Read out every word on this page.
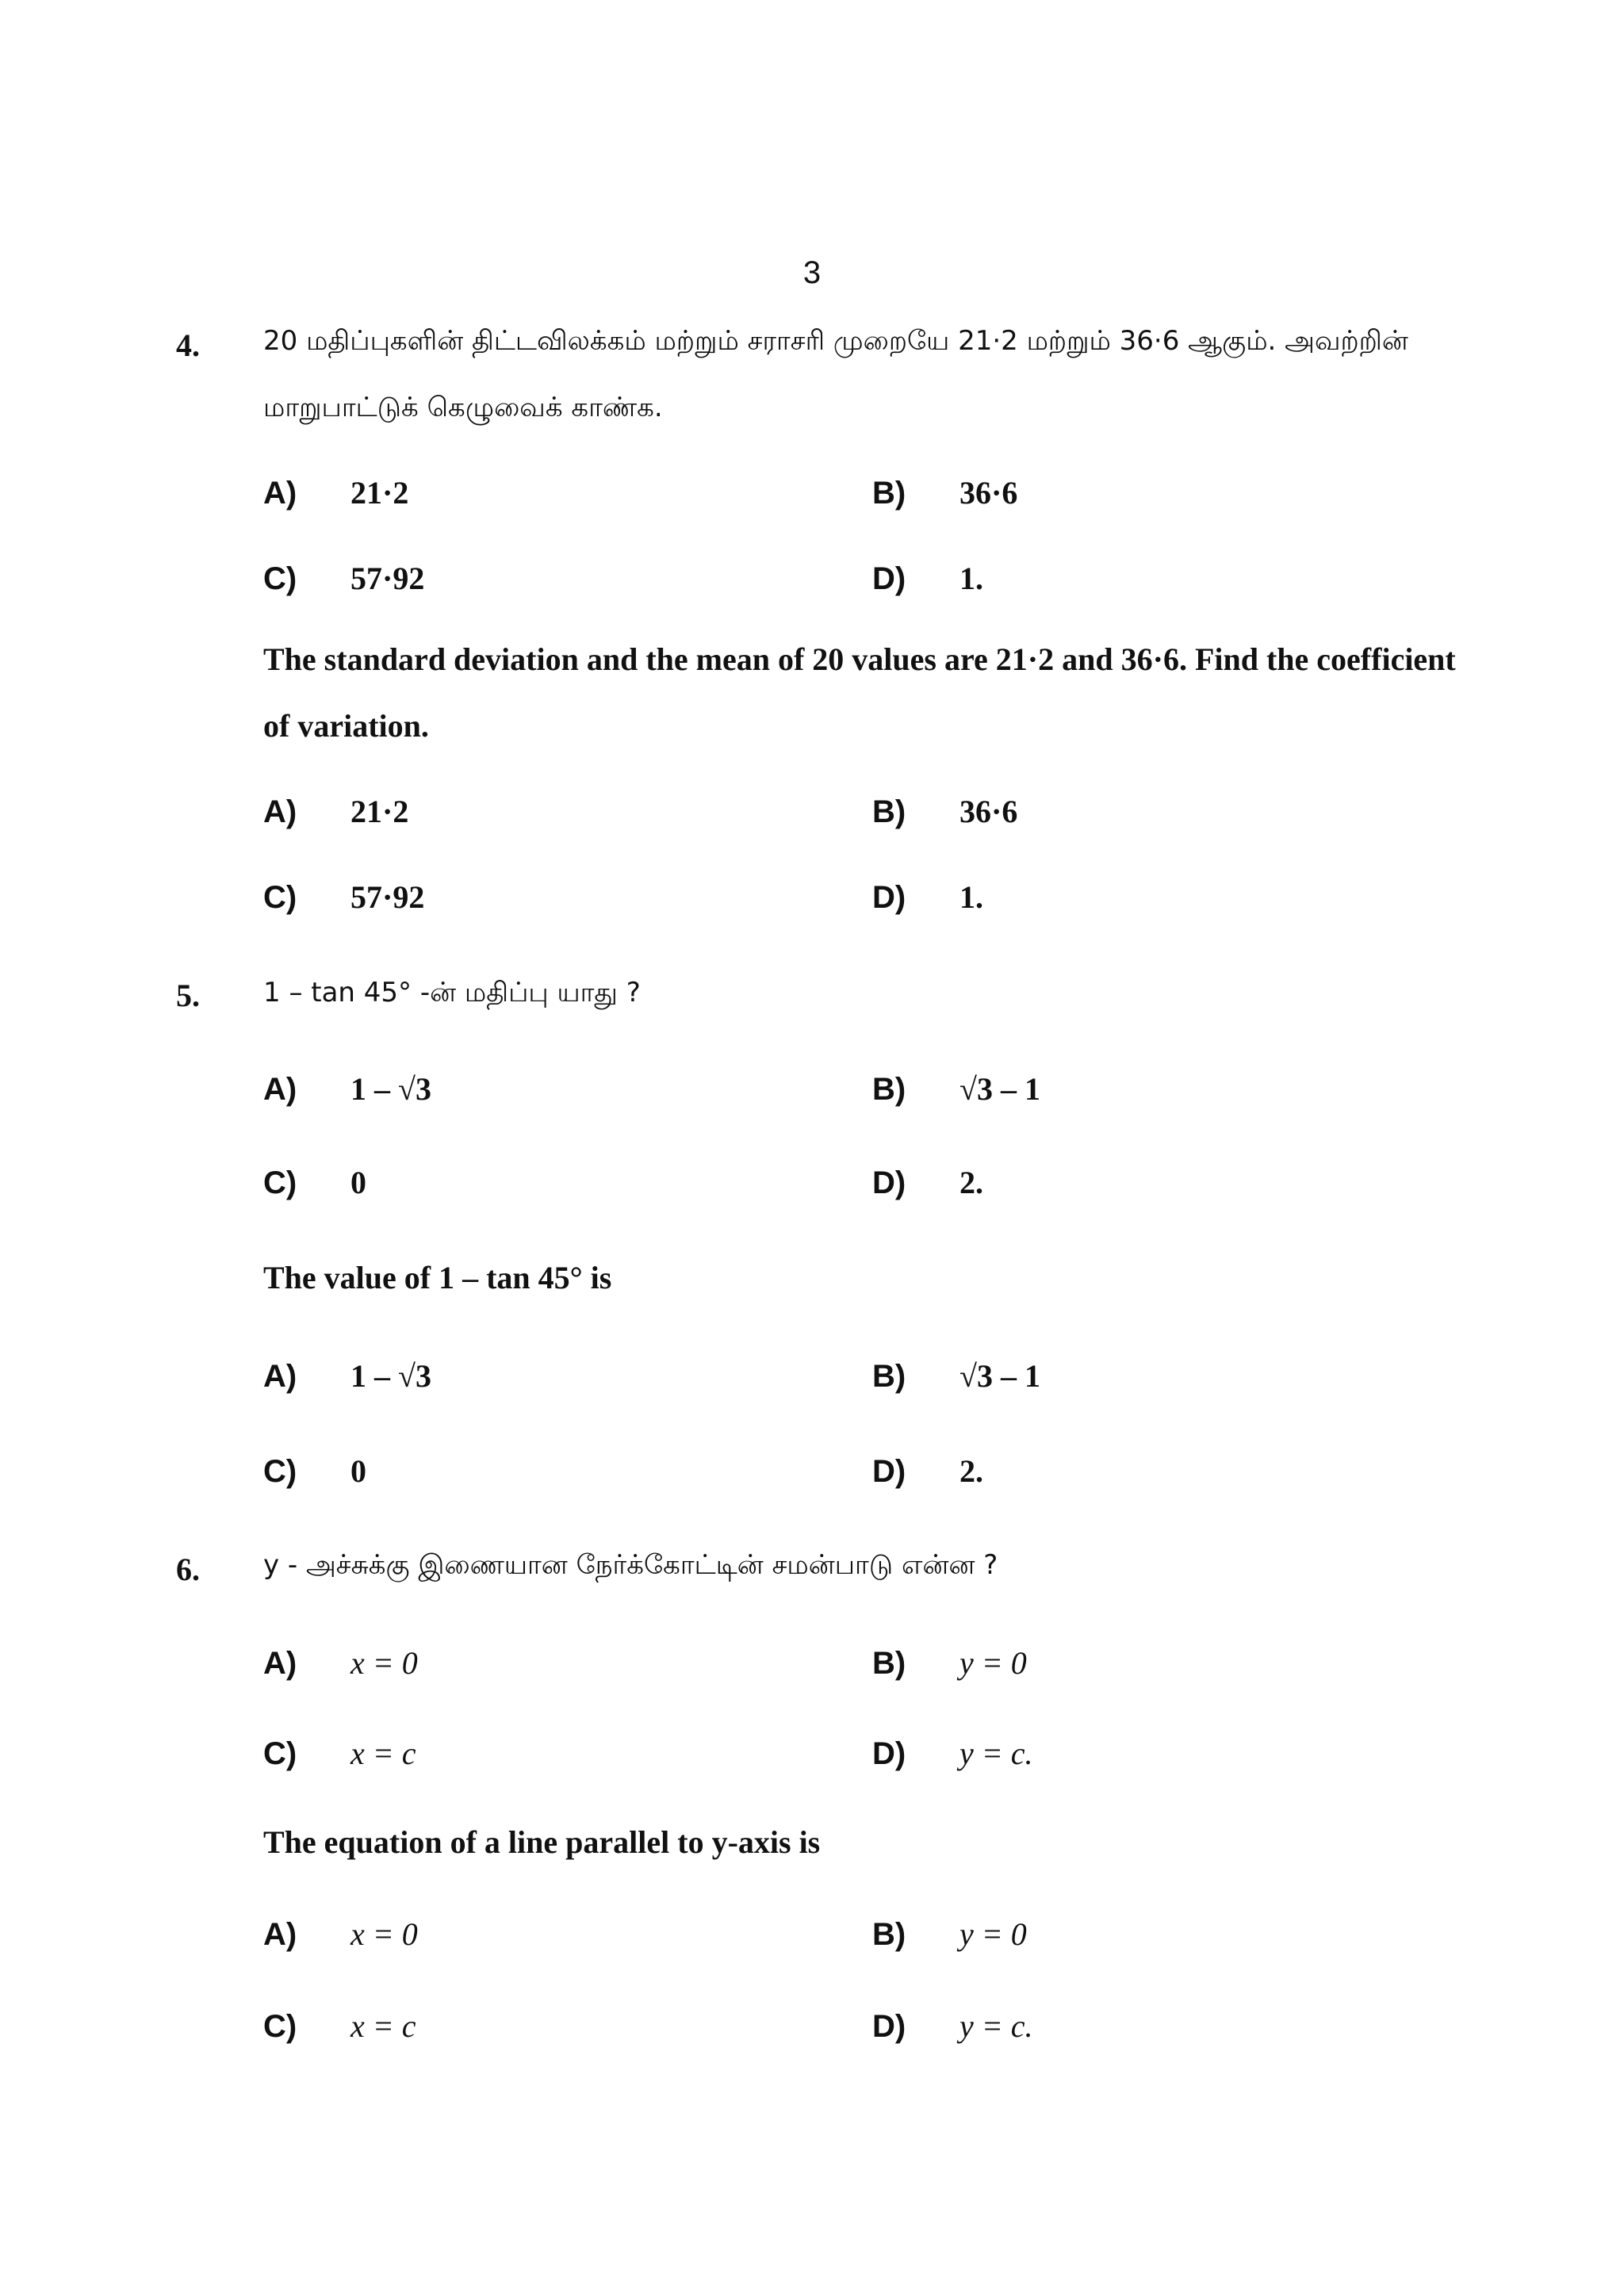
3
4. 20 மதிப்புகளின் திட்டவிலக்கம் மற்றும் சராசரி முறையே 21·2 மற்றும் 36·6 ஆகும். அவற்றின் மாறுபாட்டுக் கெழுவைக் காண்க.
A) 21·2	B) 36·6
C) 57·92	D) 1.
The standard deviation and the mean of 20 values are 21·2 and 36·6. Find the coefficient of variation.
A) 21·2	B) 36·6
C) 57·92	D) 1.
5. 1 – tan 45° -ன் மதிப்பு யாது ?
A) 1 – √3	B) √3 – 1
C) 0	D) 2.
The value of 1 – tan 45° is
A) 1 – √3	B) √3 – 1
C) 0	D) 2.
6. y - அச்சுக்கு இணையான நேர்க்கோட்டின் சமன்பாடு என்ன ?
A) x = 0	B) y = 0
C) x = c	D) y = c.
The equation of a line parallel to y-axis is
A) x = 0	B) y = 0
C) x = c	D) y = c.
